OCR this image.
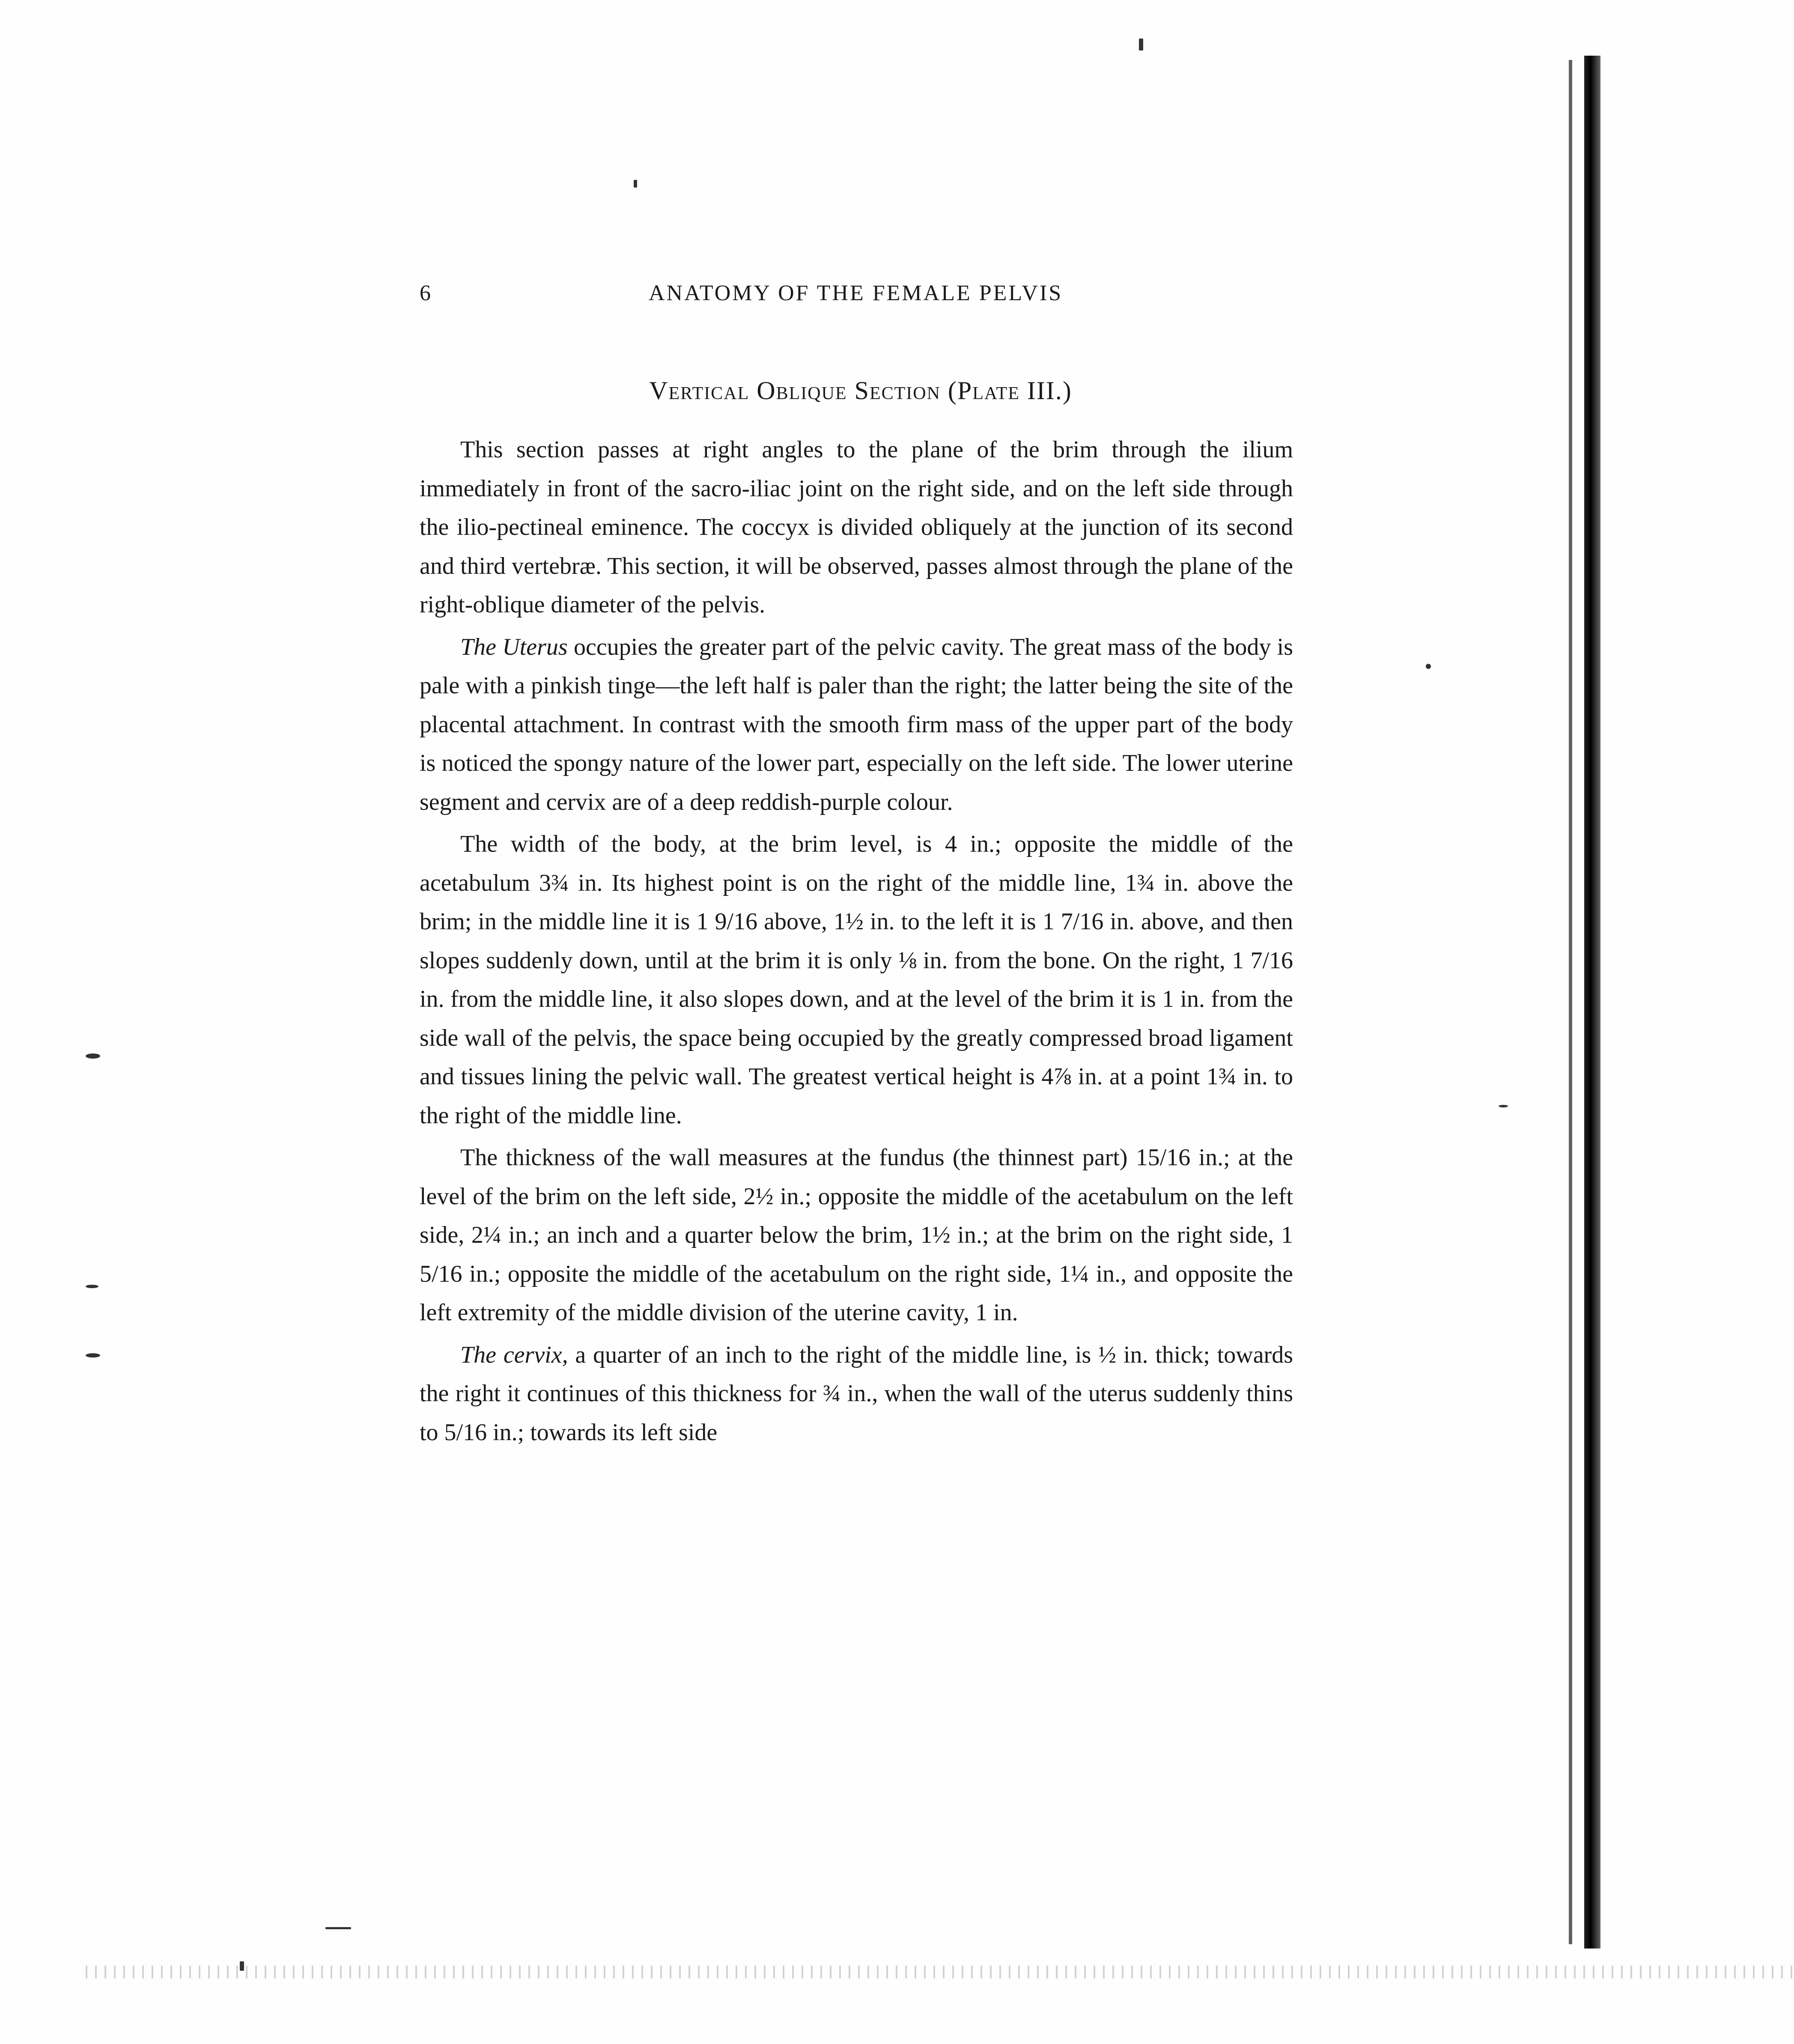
6	ANATOMY OF THE FEMALE PELVIS
Vertical Oblique Section (Plate III.)

This section passes at right angles to the plane of the brim through the ilium immediately in front of the sacro-iliac joint on the right side, and on the left side through the ilio-pectineal eminence. The coccyx is divided obliquely at the junction of its second and third vertebræ. This section, it will be observed, passes almost through the plane of the right-oblique diameter of the pelvis.

The Uterus occupies the greater part of the pelvic cavity. The great mass of the body is pale with a pinkish tinge—the left half is paler than the right; the latter being the site of the placental attachment. In contrast with the smooth firm mass of the upper part of the body is noticed the spongy nature of the lower part, especially on the left side. The lower uterine segment and cervix are of a deep reddish-purple colour.

The width of the body, at the brim level, is 4 in.; opposite the middle of the acetabulum 3¾ in. Its highest point is on the right of the middle line, 1¾ in. above the brim; in the middle line it is 1 9/16 above, 1½ in. to the left it is 1 7/16 in. above, and then slopes suddenly down, until at the brim it is only ⅛ in. from the bone. On the right, 1 7/16 in. from the middle line, it also slopes down, and at the level of the brim it is 1 in. from the side wall of the pelvis, the space being occupied by the greatly compressed broad ligament and tissues lining the pelvic wall. The greatest vertical height is 4⅞ in. at a point 1¾ in. to the right of the middle line.

The thickness of the wall measures at the fundus (the thinnest part) 15/16 in.; at the level of the brim on the left side, 2½ in.; opposite the middle of the acetabulum on the left side, 2¼ in.; an inch and a quarter below the brim, 1½ in.; at the brim on the right side, 1 5/16 in.; opposite the middle of the acetabulum on the right side, 1¼ in., and opposite the left extremity of the middle division of the uterine cavity, 1 in.

The cervix, a quarter of an inch to the right of the middle line, is ½ in. thick; towards the right it continues of this thickness for ¾ in., when the wall of the uterus suddenly thins to 5/16 in.; towards its left side
